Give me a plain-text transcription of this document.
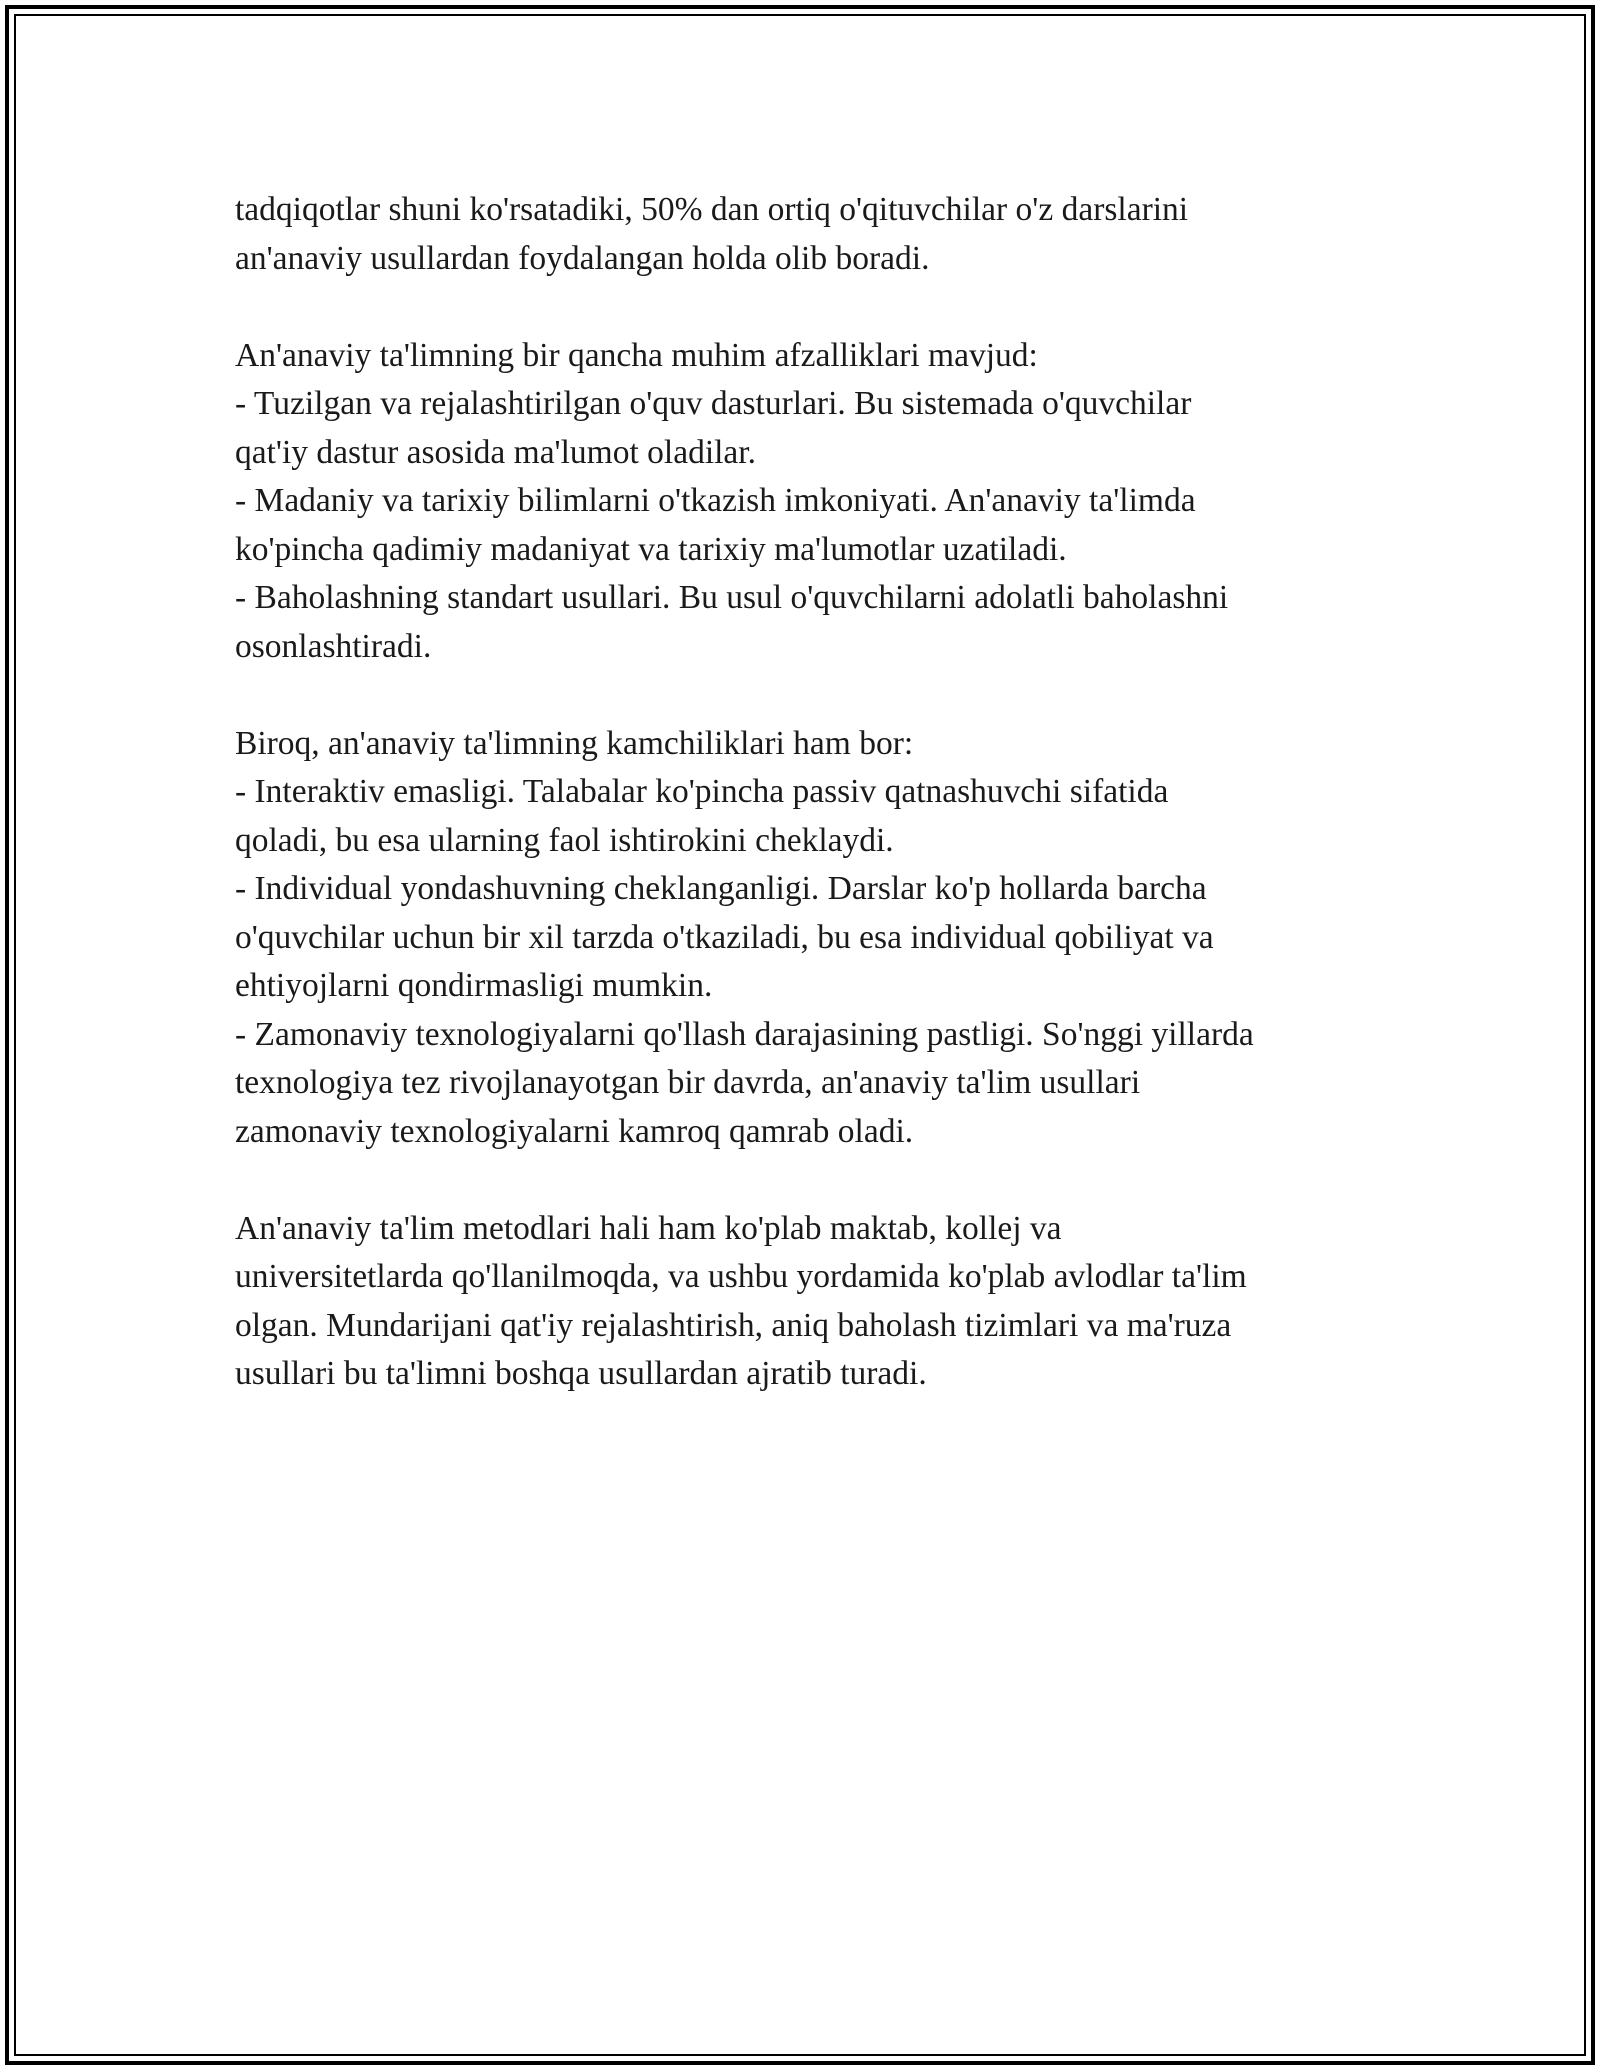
tadqiqotlar shuni ko'rsatadiki, 50% dan ortiq o'qituvchilar o'z darslarini
an'anaviy usullardan foydalangan holda olib boradi.
An'anaviy ta'limning bir qancha muhim afzalliklari mavjud:
- Tuzilgan va rejalashtirilgan o'quv dasturlari. Bu sistemada o'quvchilar
qat'iy dastur asosida ma'lumot oladilar.
- Madaniy va tarixiy bilimlarni o'tkazish imkoniyati. An'anaviy ta'limda
ko'pincha qadimiy madaniyat va tarixiy ma'lumotlar uzatiladi.
- Baholashning standart usullari. Bu usul o'quvchilarni adolatli baholashni
osonlashtiradi.
Biroq, an'anaviy ta'limning kamchiliklari ham bor:
- Interaktiv emasligi. Talabalar ko'pincha passiv qatnashuvchi sifatida
qoladi, bu esa ularning faol ishtirokini cheklaydi.
- Individual yondashuvning cheklanganligi. Darslar ko'p hollarda barcha
o'quvchilar uchun bir xil tarzda o'tkaziladi, bu esa individual qobiliyat va
ehtiyojlarni qondirmasligi mumkin.
- Zamonaviy texnologiyalarni qo'llash darajasining pastligi. So'nggi yillarda
texnologiya tez rivojlanayotgan bir davrda, an'anaviy ta'lim usullari
zamonaviy texnologiyalarni kamroq qamrab oladi.
An'anaviy ta'lim metodlari hali ham ko'plab maktab, kollej va
universitetlarda qo'llanilmoqda, va ushbu yordamida ko'plab avlodlar ta'lim
olgan. Mundarijani qat'iy rejalashtirish, aniq baholash tizimlari va ma'ruza
usullari bu ta'limni boshqa usullardan ajratib turadi.
